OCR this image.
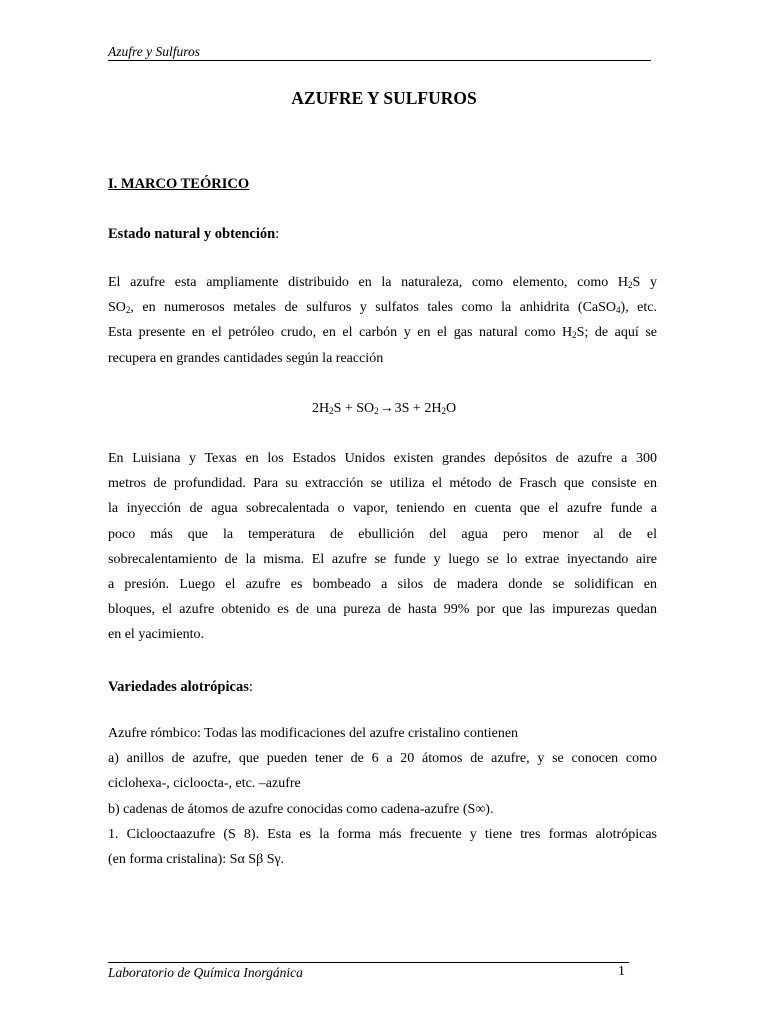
Azufre y Sulfuros
AZUFRE Y SULFUROS
I. MARCO TEÓRICO
Estado natural y obtención:
El azufre esta ampliamente distribuido en la naturaleza, como elemento, como $H_2S$ y
$SO_2$, en numerosos metales de sulfuros y sulfatos tales como la anhidrita (CaSO$_4$), etc.
Esta presente en el petróleo crudo, en el carbón y en el gas natural como $H_2S$; de aquí se
recupera en grandes cantidades según la reacción
$2H_2S + SO_2\to 3S + 2H_2O$
En Luisiana y Texas en los Estados Unidos existen grandes depósitos de azufre a 300
metros de profundidad. Para su extracción se utiliza el método de Frasch que consiste en
la inyección de agua sobrecalentada o vapor, teniendo en cuenta que el azufre funde a
poco más que la temperatura de ebullición del agua pero menor al de el
sobrecalentamiento de la misma. El azufre se funde y luego se lo extrae inyectando aire
a presión. Luego el azufre es bombeado a silos de madera donde se solidifican en
bloques, el azufre obtenido es de una pureza de hasta 99% por que las impurezas quedan
en el yacimiento.
Variedades alotrópicas:
Azufre rómbico: Todas las modificaciones del azufre cristalino contienen
a) anillos de azufre, que pueden tener de 6 a 20 átomos de azufre, y se conocen como
ciclohexa-, cicloocta-, etc. –azufre
b) cadenas de átomos de azufre conocidas como cadena-azufre (S∞).
1. Ciclooctaazufre (S 8). Esta es la forma más frecuente y tiene tres formas alotrópicas
(en forma cristalina): Sα Sβ Sγ.
Laboratorio de Química Inorgánica	1
